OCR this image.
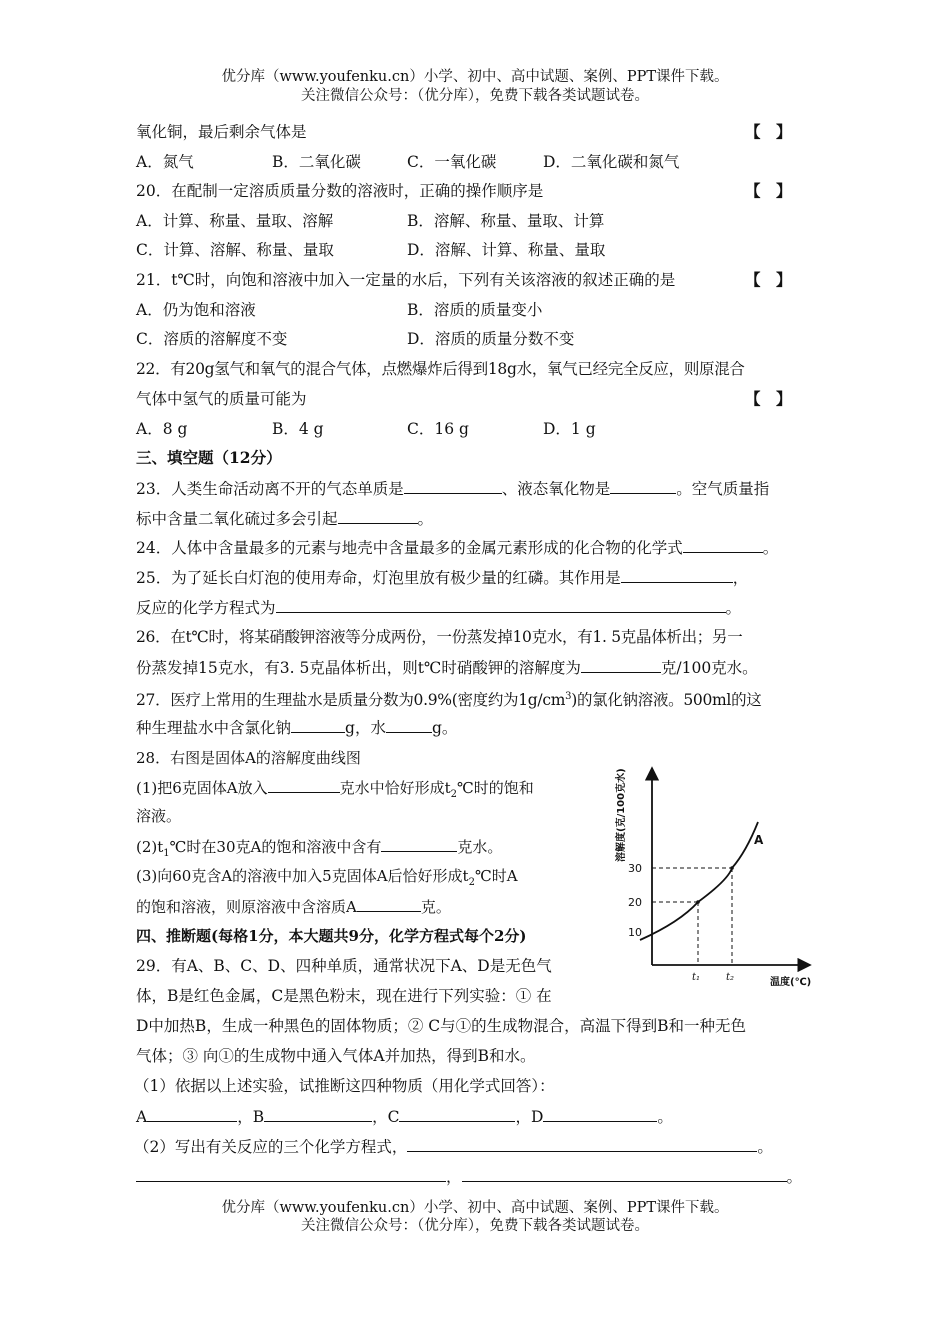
优分库（www.youfenku.cn）小学、初中、高中试题、案例、PPT课件下载。
关注微信公众号：（优分库），免费下载各类试题试卷。
氧化铜，最后剩余气体是	【　】
A．氮气	B．二氧化碳	C．一氧化碳	D．二氧化碳和氮气
20．在配制一定溶质质量分数的溶液时，正确的操作顺序是	【　】
A．计算、称量、量取、溶解	B．溶解、称量、量取、计算
C．计算、溶解、称量、量取	D．溶解、计算、称量、量取
21．t℃时，向饱和溶液中加入一定量的水后，下列有关该溶液的叙述正确的是	【　】
A．仍为饱和溶液	B．溶质的质量变小
C．溶质的溶解度不变	D．溶质的质量分数不变
22．有20g氢气和氧气的混合气体，点燃爆炸后得到18g水，氧气已经完全反应，则原混合
气体中氢气的质量可能为	【　】
A．8 g	B．4 g	C．16 g	D．1 g
三、填空题（12分）
23．人类生命活动离不开的气态单质是	、液态氧化物是	。空气质量指
标中含量二氧化硫过多会引起	。
24．人体中含量最多的元素与地壳中含量最多的金属元素形成的化合物的化学式	。
25．为了延长白灯泡的使用寿命，灯泡里放有极少量的红磷。其作用是	，
反应的化学方程式为	。
26．在t℃时，将某硝酸钾溶液等分成两份，一份蒸发掉10克水，有1. 5克晶体析出；另一
份蒸发掉15克水，有3. 5克晶体析出，则t℃时硝酸钾的溶解度为	克/100克水。
27．医疗上常用的生理盐水是质量分数为0.9%(密度约为$1g/cm^3$)的氯化钠溶液。500ml的这
种生理盐水中含氯化钠	g，水	g。
28．右图是固体A的溶解度曲线图
(1)把6克固体A放入	克水中恰好形成$t_2℃$时的饱和
溶液。
$(2)t_1℃$时在30克A的饱和溶液中含有	克水。
(3)向60克含A的溶液中加入5克固体A后恰好形成$t_2℃$时A
的饱和溶液，则原溶液中含溶质A	克。
四、推断题(每格1分，本大题共9分，化学方程式每个2分)
29．有A、B、C、D、四种单质，通常状况下A、D是无色气
体，B是红色金属，C是黑色粉末，现在进行下列实验：① 在
D中加热B，生成一种黑色的固体物质；② C与①的生成物混合，高温下得到B和一种无色
气体；③ 向①的生成物中通入气体A并加热，得到B和水。
（1）依据以上述实验，试推断这四种物质（用化学式回答）：
A	，B	，C	，D	。
（2）写出有关反应的三个化学方程式，	。
，	。
溶解度(克/100克水)
温度(℃)
10
20
30
t₁	t₂
A
优分库（www.youfenku.cn）小学、初中、高中试题、案例、PPT课件下载。
关注微信公众号：（优分库），免费下载各类试题试卷。
